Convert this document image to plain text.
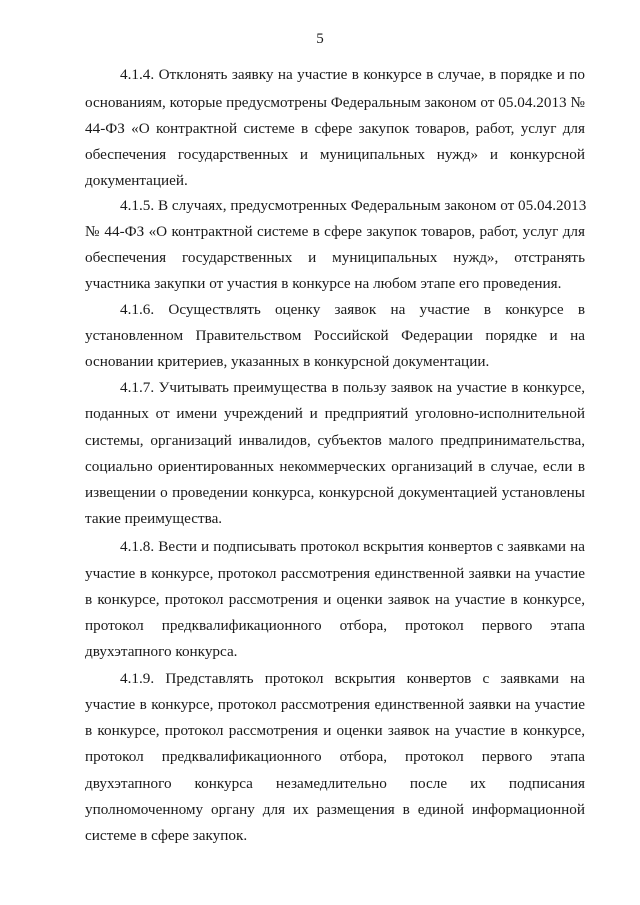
5
4.1.4. Отклонять заявку на участие в конкурсе в случае, в порядке и по
основаниям, которые предусмотрены Федеральным законом от 05.04.2013 №
44-ФЗ «О контрактной системе в сфере закупок товаров, работ, услуг для
обеспечения государственных и муниципальных нужд» и конкурсной
документацией.
4.1.5. В случаях, предусмотренных Федеральным законом от 05.04.2013
№ 44-ФЗ «О контрактной системе в сфере закупок товаров, работ, услуг для
обеспечения государственных и муниципальных нужд», отстранять
участника закупки от участия в конкурсе на любом этапе его проведения.
4.1.6. Осуществлять оценку заявок на участие в конкурсе в
установленном Правительством Российской Федерации порядке и на
основании критериев, указанных в конкурсной документации.
4.1.7. Учитывать преимущества в пользу заявок на участие в конкурсе,
поданных от имени учреждений и предприятий уголовно-исполнительной
системы, организаций инвалидов, субъектов малого предпринимательства,
социально ориентированных некоммерческих организаций в случае, если в
извещении о проведении конкурса, конкурсной документацией установлены
такие преимущества.
4.1.8. Вести и подписывать протокол вскрытия конвертов с заявками на
участие в конкурсе, протокол рассмотрения единственной заявки на участие
в конкурсе, протокол рассмотрения и оценки заявок на участие в конкурсе,
протокол предквалификационного отбора, протокол первого этапа
двухэтапного конкурса.
4.1.9. Представлять протокол вскрытия конвертов с заявками на
участие в конкурсе, протокол рассмотрения единственной заявки на участие
в конкурсе, протокол рассмотрения и оценки заявок на участие в конкурсе,
протокол предквалификационного отбора, протокол первого этапа
двухэтапного конкурса незамедлительно после их подписания
уполномоченному органу для их размещения в единой информационной
системе в сфере закупок.
